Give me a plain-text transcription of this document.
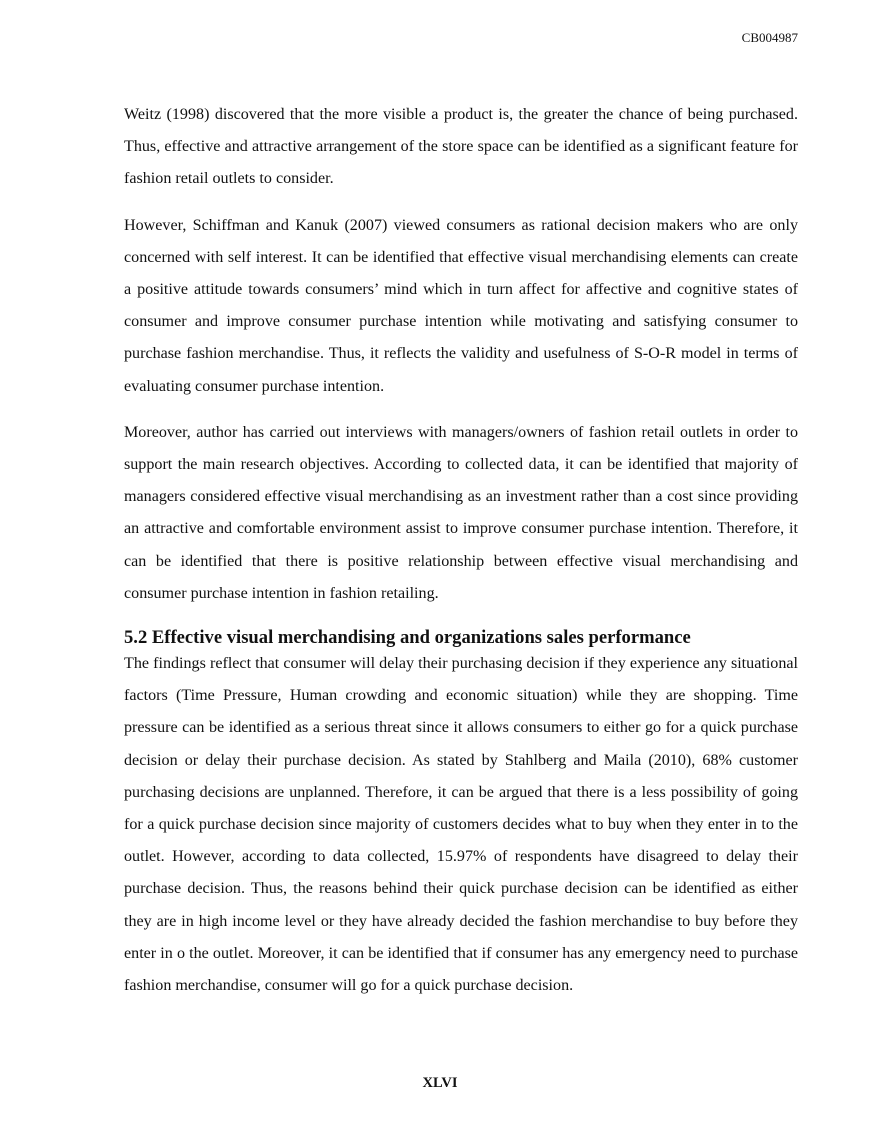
CB004987

Weitz (1998) discovered that the more visible a product is, the greater the chance of being purchased. Thus, effective and attractive arrangement of the store space can be identified as a significant feature for fashion retail outlets to consider.

However, Schiffman and Kanuk (2007) viewed consumers as rational decision makers who are only concerned with self interest. It can be identified that effective visual merchandising elements can create a positive attitude towards consumers’ mind which in turn affect for affective and cognitive states of consumer and improve consumer purchase intention while motivating and satisfying consumer to purchase fashion merchandise. Thus, it reflects the validity and usefulness of S-O-R model in terms of evaluating consumer purchase intention.

Moreover, author has carried out interviews with managers/owners of fashion retail outlets in order to support the main research objectives. According to collected data, it can be identified that majority of managers considered effective visual merchandising as an investment rather than a cost since providing an attractive and comfortable environment assist to improve consumer purchase intention. Therefore, it can be identified that there is positive relationship between effective visual merchandising and consumer purchase intention in fashion retailing.

5.2 Effective visual merchandising and organizations sales performance

The findings reflect that consumer will delay their purchasing decision if they experience any situational factors (Time Pressure, Human crowding and economic situation) while they are shopping. Time pressure can be identified as a serious threat since it allows consumers to either go for a quick purchase decision or delay their purchase decision. As stated by Stahlberg and Maila (2010), 68% customer purchasing decisions are unplanned. Therefore, it can be argued that there is a less possibility of going for a quick purchase decision since majority of customers decides what to buy when they enter in to the outlet. However, according to data collected, 15.97% of respondents have disagreed to delay their purchase decision. Thus, the reasons behind their quick purchase decision can be identified as either they are in high income level or they have already decided the fashion merchandise to buy before they enter in o the outlet. Moreover, it can be identified that if consumer has any emergency need to purchase fashion merchandise, consumer will go for a quick purchase decision.

XLVI
